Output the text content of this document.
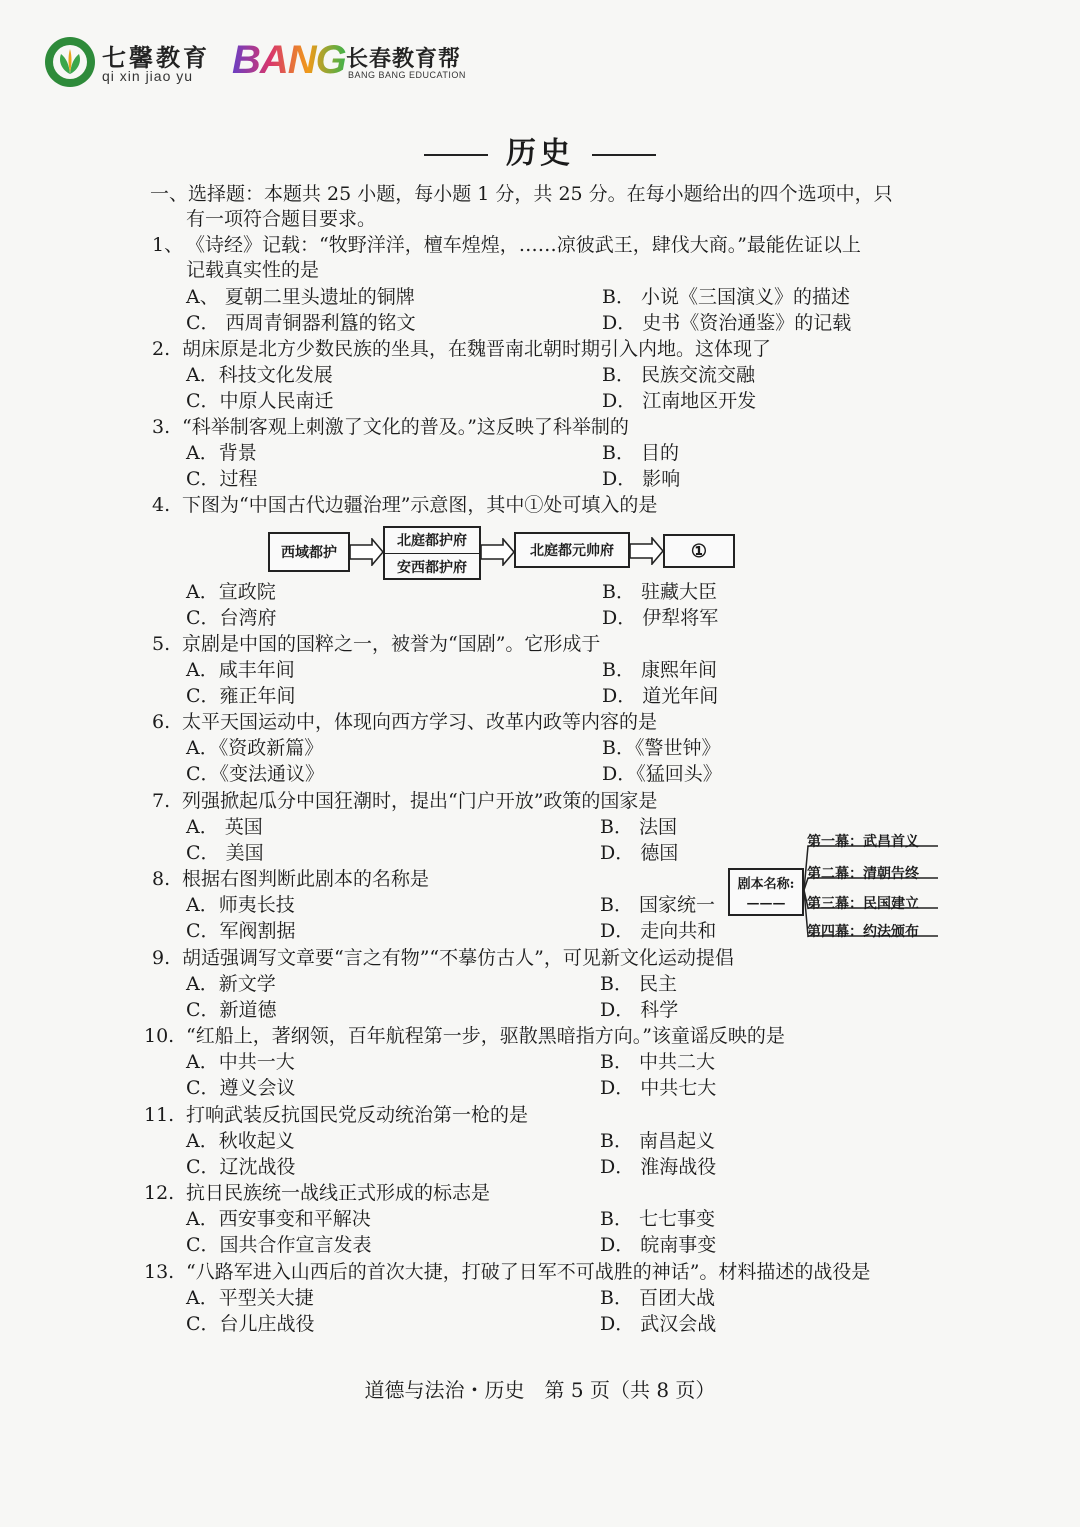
七馨教育
qi xin jiao yu BANG 长春教育帮
BANG BANG EDUCATION
历史
一、选择题：本题共 25 小题，每小题 1 分，共 25 分。在每小题给出的四个选项中，只
有一项符合题目要求。
1、 《诗经》记载：“牧野洋洋，檀车煌煌，……凉彼武王，肆伐大商。”最能佐证以上
记载真实性的是
A、 夏朝二里头遗址的铜牌	B． 小说《三国演义》的描述
C． 西周青铜器利簋的铭文	D． 史书《资治通鉴》的记载
2. 胡床原是北方少数民族的坐具，在魏晋南北朝时期引入内地。这体现了
A．科技文化发展	B． 民族交流交融
C．中原人民南迁	D． 江南地区开发
3. “科举制客观上刺激了文化的普及。”这反映了科举制的
A．背景	B． 目的
C．过程	D． 影响
4. 下图为“中国古代边疆治理”示意图，其中①处可填入的是
西域都护
北庭都护府
安西都护府
北庭都元帅府	①
A．宣政院	B． 驻藏大臣
C．台湾府	D． 伊犁将军
5. 京剧是中国的国粹之一，被誉为“国剧”。它形成于
A．咸丰年间	B． 康熙年间
C．雍正年间	D． 道光年间
6. 太平天国运动中，体现向西方学习、改革内政等内容的是
A．《资政新篇》	B．《警世钟》
C．《变法通议》	D．《猛回头》
7. 列强掀起瓜分中国狂潮时，提出“门户开放”政策的国家是
A． 英国	B． 法国
C． 美国	D． 德国
8. 根据右图判断此剧本的名称是
A．师夷长技	B． 国家统一
C．军阀割据	D． 走向共和
剧本名称:
———
第一幕：武昌首义
第二幕：清朝告终
第三幕：民国建立
第四幕：约法颁布
9. 胡适强调写文章要“言之有物”“不摹仿古人”，可见新文化运动提倡
A．新文学	B． 民主
C．新道德	D． 科学
10. “红船上，著纲领，百年航程第一步，驱散黑暗指方向。”该童谣反映的是
A．中共一大	B． 中共二大
C．遵义会议	D． 中共七大
11. 打响武装反抗国民党反动统治第一枪的是
A．秋收起义	B． 南昌起义
C．辽沈战役	D． 淮海战役
12. 抗日民族统一战线正式形成的标志是
A．西安事变和平解决	B． 七七事变
C．国共合作宣言发表	D． 皖南事变
13. “八路军进入山西后的首次大捷，打破了日军不可战胜的神话”。材料描述的战役是
A．平型关大捷	B． 百团大战
C．台儿庄战役	D． 武汉会战
道德与法治・历史　第 5 页（共 8 页）
